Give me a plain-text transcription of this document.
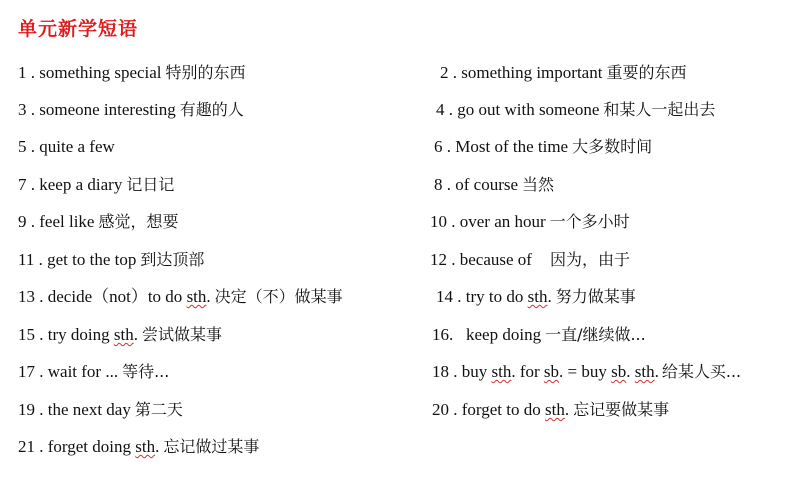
单元新学短语
1 . something special 特别的东西	2 . something important 重要的东西
3 . someone interesting 有趣的人	4 . go out with someone 和某人一起出去
5 . quite a few	6 . Most of the time 大多数时间
7 . keep a diary 记日记	8 . of course 当然
9 . feel like 感觉，想要	10 . over an hour 一个多小时
11 . get to the top 到达顶部	12 . because of 因为，由于
13 . decide（not）to do sth. 决定（不）做某事	14 . try to do sth. 努力做某事
15 . try doing sth. 尝试做某事	16.   keep doing 一直/继续做...
17 . wait for ... 等待...	18 . buy sth. for sb. = buy sb. sth. 给某人买...
19 . the next day 第二天	20 . forget to do sth. 忘记要做某事
21 . forget doing sth. 忘记做过某事
